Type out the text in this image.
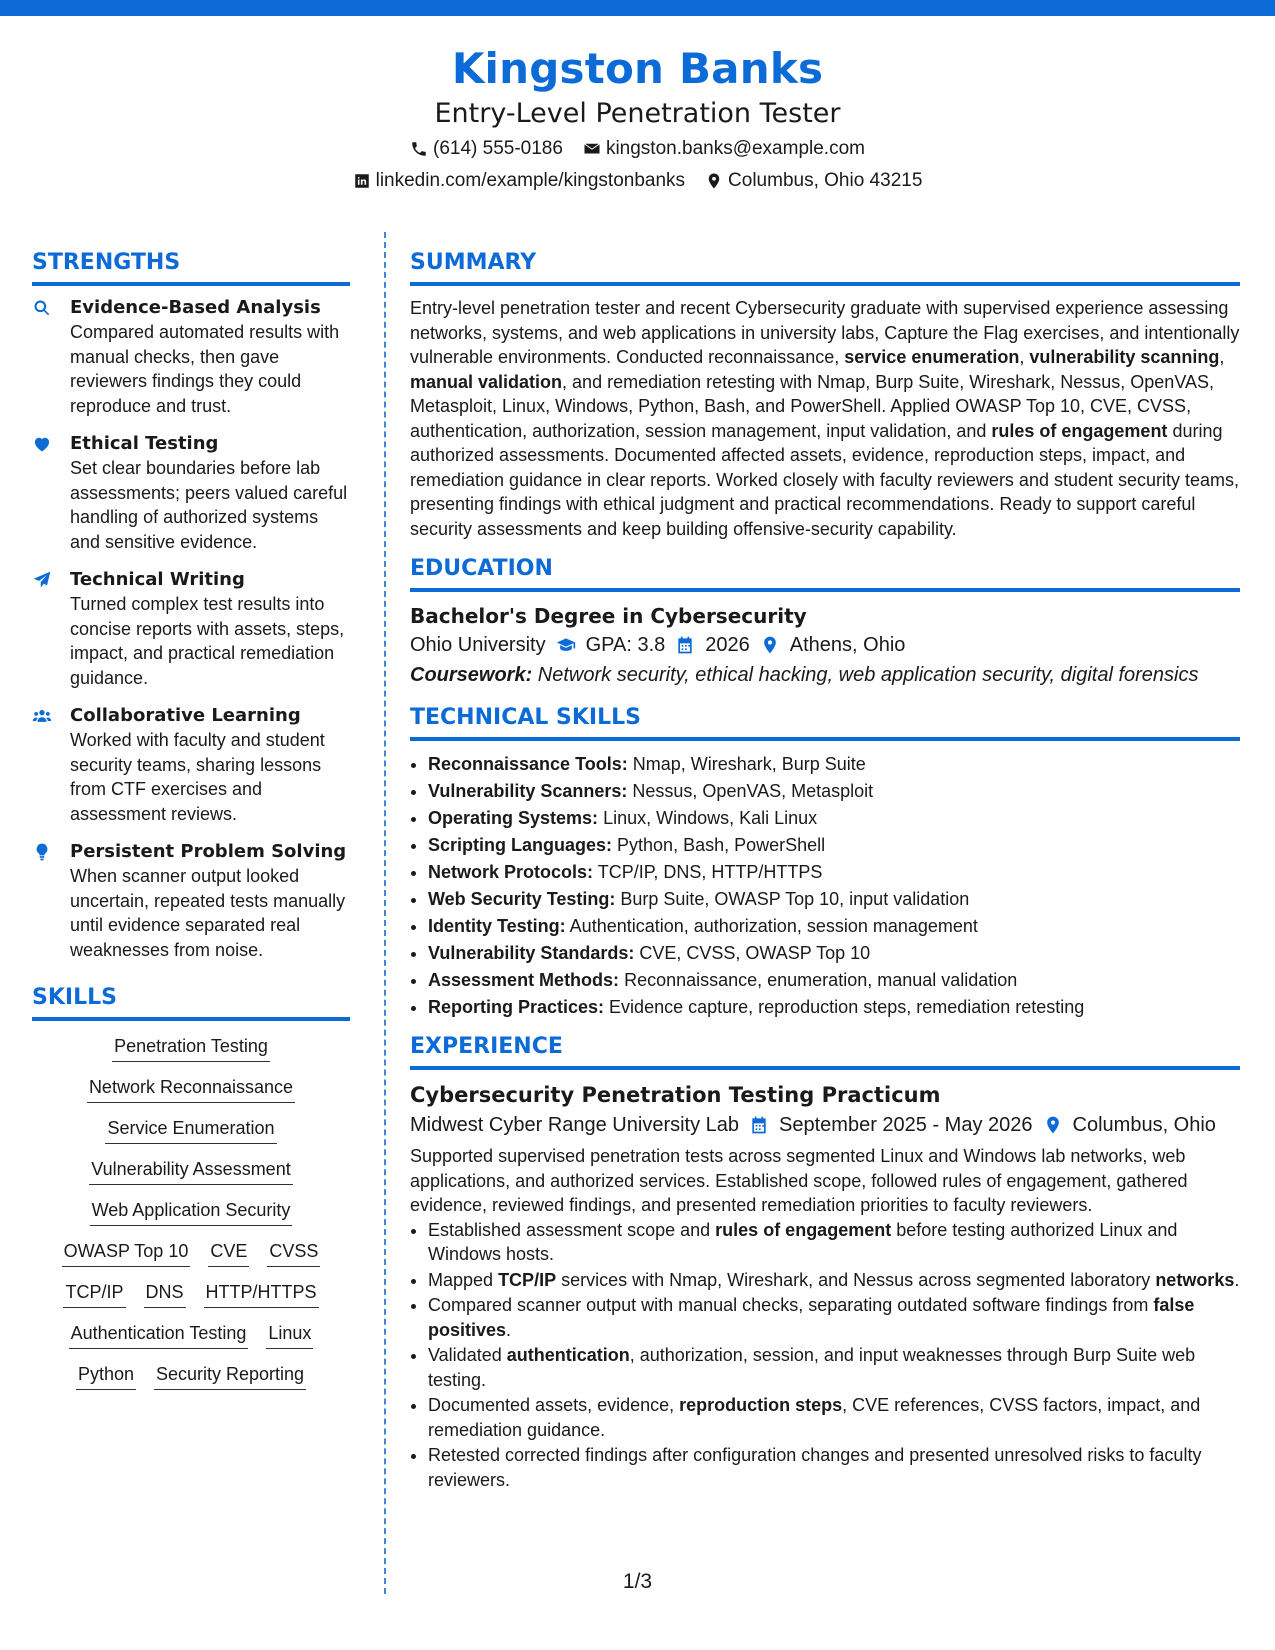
Kingston Banks
Entry-Level Penetration Tester
(614) 555-0186 kingston.banks@example.com
linkedin.com/example/kingstonbanks Columbus, Ohio 43215
STRENGTHS
Evidence-Based Analysis
Compared automated results with manual checks, then gave reviewers findings they could reproduce and trust.
Ethical Testing
Set clear boundaries before lab assessments; peers valued careful handling of authorized systems and sensitive evidence.
Technical Writing
Turned complex test results into concise reports with assets, steps, impact, and practical remediation guidance.
Collaborative Learning
Worked with faculty and student security teams, sharing lessons from CTF exercises and assessment reviews.
Persistent Problem Solving
When scanner output looked uncertain, repeated tests manually until evidence separated real weaknesses from noise.
SKILLS
Penetration Testing
Network Reconnaissance
Service Enumeration
Vulnerability Assessment
Web Application Security
OWASP Top 10 CVE CVSS
TCP/IP DNS HTTP/HTTPS
Authentication Testing Linux
Python Security Reporting
SUMMARY
Entry-level penetration tester and recent Cybersecurity graduate with supervised experience assessing networks, systems, and web applications in university labs, Capture the Flag exercises, and intentionally vulnerable environments. Conducted reconnaissance, service enumeration, vulnerability scanning, manual validation, and remediation retesting with Nmap, Burp Suite, Wireshark, Nessus, OpenVAS, Metasploit, Linux, Windows, Python, Bash, and PowerShell. Applied OWASP Top 10, CVE, CVSS, authentication, authorization, session management, input validation, and rules of engagement during authorized assessments. Documented affected assets, evidence, reproduction steps, impact, and remediation guidance in clear reports. Worked closely with faculty reviewers and student security teams, presenting findings with ethical judgment and practical recommendations. Ready to support careful security assessments and keep building offensive-security capability.
EDUCATION
Bachelor's Degree in Cybersecurity
Ohio University GPA: 3.8 2026 Athens, Ohio
Coursework: Network security, ethical hacking, web application security, digital forensics
TECHNICAL SKILLS
• Reconnaissance Tools: Nmap, Wireshark, Burp Suite
• Vulnerability Scanners: Nessus, OpenVAS, Metasploit
• Operating Systems: Linux, Windows, Kali Linux
• Scripting Languages: Python, Bash, PowerShell
• Network Protocols: TCP/IP, DNS, HTTP/HTTPS
• Web Security Testing: Burp Suite, OWASP Top 10, input validation
• Identity Testing: Authentication, authorization, session management
• Vulnerability Standards: CVE, CVSS, OWASP Top 10
• Assessment Methods: Reconnaissance, enumeration, manual validation
• Reporting Practices: Evidence capture, reproduction steps, remediation retesting
EXPERIENCE
Cybersecurity Penetration Testing Practicum
Midwest Cyber Range University Lab September 2025 - May 2026 Columbus, Ohio
Supported supervised penetration tests across segmented Linux and Windows lab networks, web applications, and authorized services. Established scope, followed rules of engagement, gathered evidence, reviewed findings, and presented remediation priorities to faculty reviewers.
• Established assessment scope and rules of engagement before testing authorized Linux and Windows hosts.
• Mapped TCP/IP services with Nmap, Wireshark, and Nessus across segmented laboratory networks.
• Compared scanner output with manual checks, separating outdated software findings from false positives.
• Validated authentication, authorization, session, and input weaknesses through Burp Suite web testing.
• Documented assets, evidence, reproduction steps, CVE references, CVSS factors, impact, and remediation guidance.
• Retested corrected findings after configuration changes and presented unresolved risks to faculty reviewers.
1/3
